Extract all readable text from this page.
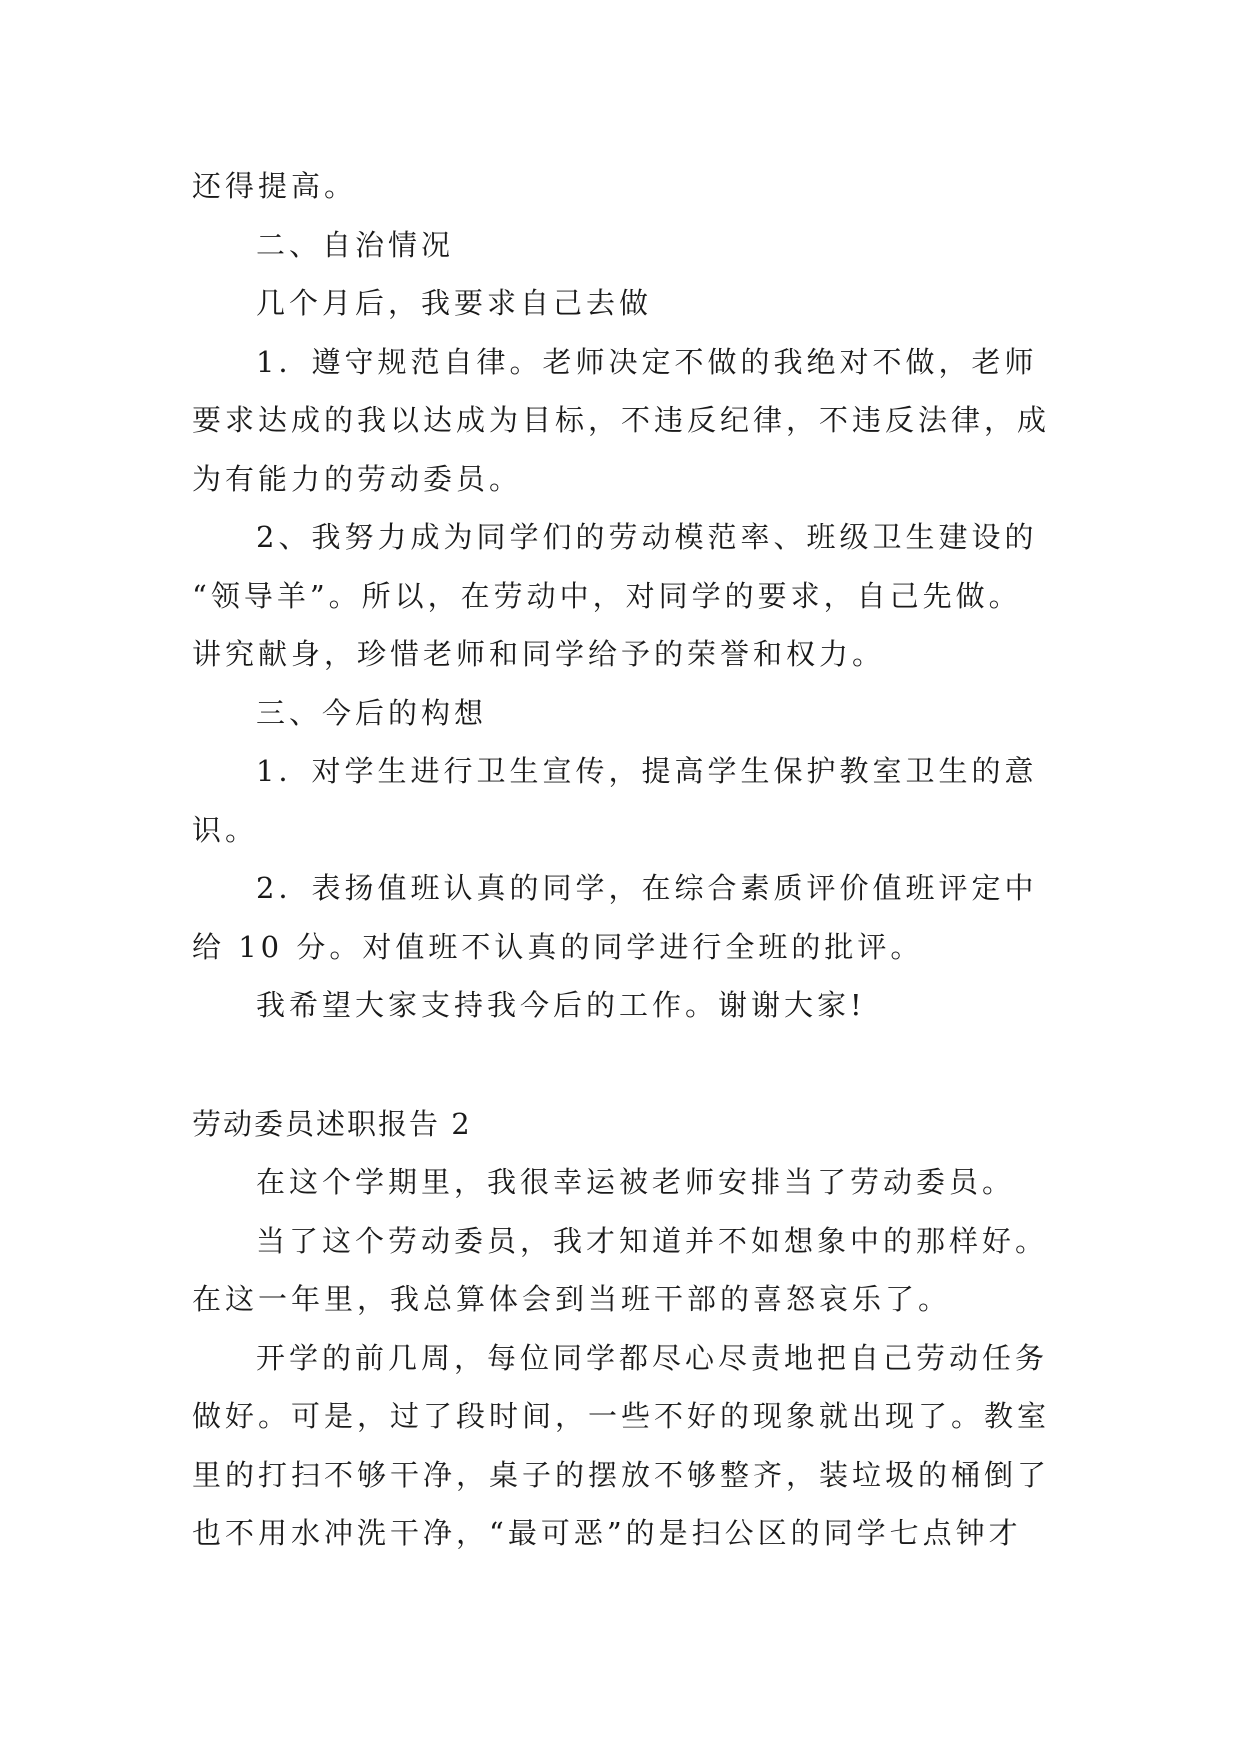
还得提高。
二、自治情况
几个月后，我要求自己去做
1．遵守规范自律。老师决定不做的我绝对不做，老师
要求达成的我以达成为目标，不违反纪律，不违反法律，成
为有能力的劳动委员。
2、我努力成为同学们的劳动模范率、班级卫生建设的
“领导羊”。所以，在劳动中，对同学的要求，自己先做。
讲究献身，珍惜老师和同学给予的荣誉和权力。
三、今后的构想
1．对学生进行卫生宣传，提高学生保护教室卫生的意
识。
2．表扬值班认真的同学，在综合素质评价值班评定中
给 10 分。对值班不认真的同学进行全班的批评。
我希望大家支持我今后的工作。谢谢大家!
劳动委员述职报告 2
在这个学期里，我很幸运被老师安排当了劳动委员。
当了这个劳动委员，我才知道并不如想象中的那样好。
在这一年里，我总算体会到当班干部的喜怒哀乐了。
开学的前几周，每位同学都尽心尽责地把自己劳动任务
做好。可是，过了段时间，一些不好的现象就出现了。教室
里的打扫不够干净，桌子的摆放不够整齐，装垃圾的桶倒了
也不用水冲洗干净，“最可恶”的是扫公区的同学七点钟才
